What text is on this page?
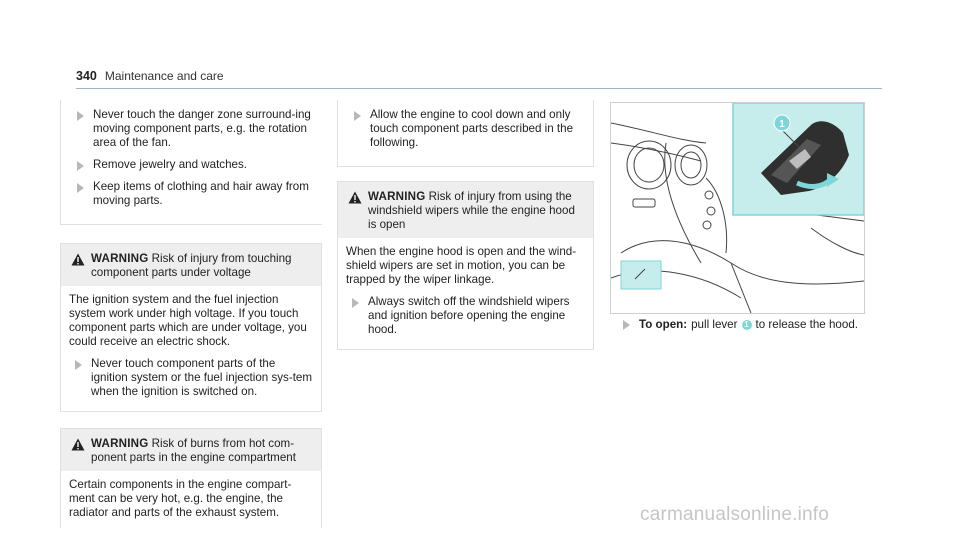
340 Maintenance and care
Never touch the danger zone surround-ing moving component parts, e.g. the rotation area of the fan.
Remove jewelry and watches.
Keep items of clothing and hair away from moving parts.
WARNING Risk of injury from touching component parts under voltage
The ignition system and the fuel injection system work under high voltage. If you touch component parts which are under voltage, you could receive an electric shock.
Never touch component parts of the ignition system or the fuel injection sys-tem when the ignition is switched on.
WARNING Risk of burns from hot com-ponent parts in the engine compartment
Certain components in the engine compart-ment can be very hot, e.g. the engine, the radiator and parts of the exhaust system.
Allow the engine to cool down and only touch component parts described in the following.
WARNING Risk of injury from using the windshield wipers while the engine hood is open
When the engine hood is open and the wind-shield wipers are set in motion, you can be trapped by the wiper linkage.
Always switch off the windshield wipers and ignition before opening the engine hood.
1
To open: pull lever 1 to release the hood.
carmanualsonline.info
